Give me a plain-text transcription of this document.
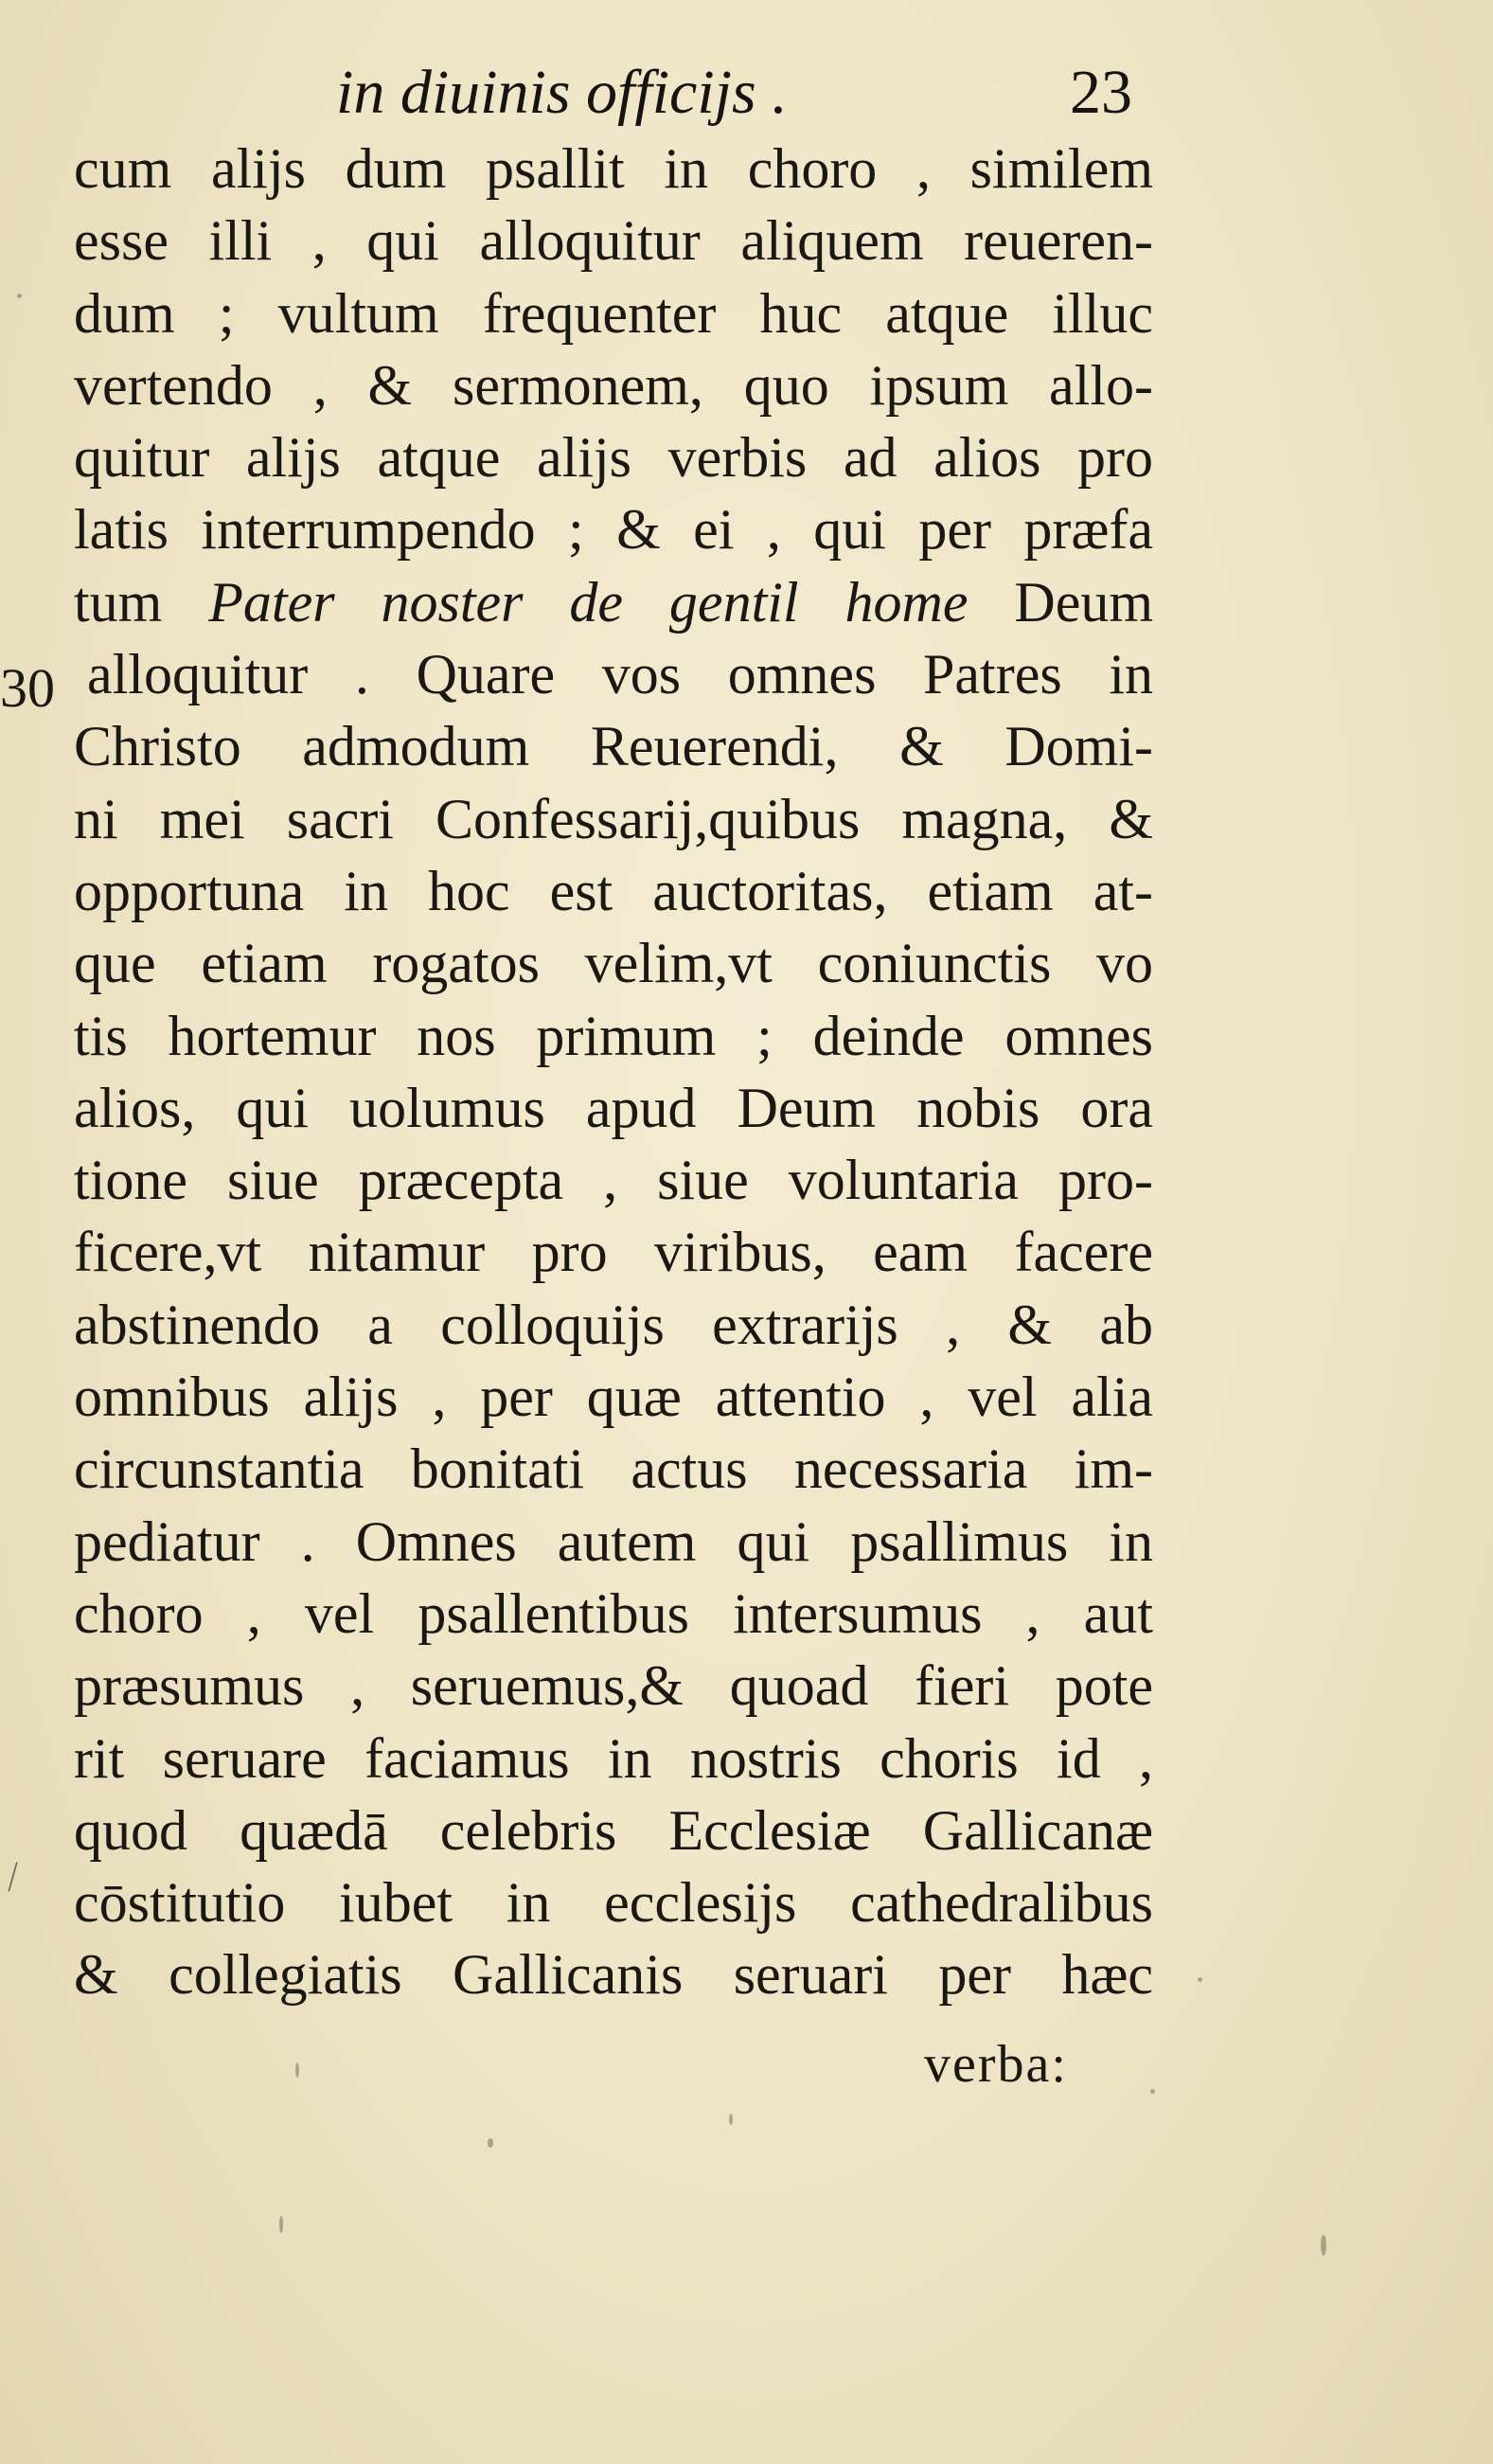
in diuinis officijs .	23
30
cum alijs dum psallit in choro , similem
esse illi , qui alloquitur aliquem reueren-
dum ; vultum frequenter huc atque illuc
vertendo , & sermonem, quo ipsum allo-
quitur alijs atque alijs verbis ad alios pro
latis interrumpendo ; & ei , qui per præfa
tum Pater noster de gentil home Deum
alloquitur . Quare vos omnes Patres in
Christo admodum Reuerendi, & Domi-
ni mei sacri Confessarij,quibus magna, &
opportuna in hoc est auctoritas, etiam at-
que etiam rogatos velim,vt coniunctis vo
tis hortemur nos primum ; deinde omnes
alios, qui uolumus apud Deum nobis ora
tione siue præcepta , siue voluntaria pro-
ficere,vt nitamur pro viribus, eam facere
abstinendo a colloquijs extrarijs , & ab
omnibus alijs , per quæ attentio , vel alia
circunstantia bonitati actus necessaria im-
pediatur . Omnes autem qui psallimus in
choro , vel psallentibus intersumus , aut
præsumus , seruemus,& quoad fieri pote
rit seruare faciamus in nostris choris id ,
quod quædā celebris Ecclesiæ Gallicanæ
cōstitutio iubet in ecclesijs cathedralibus
& collegiatis Gallicanis seruari per hæc
verba:
⁄
